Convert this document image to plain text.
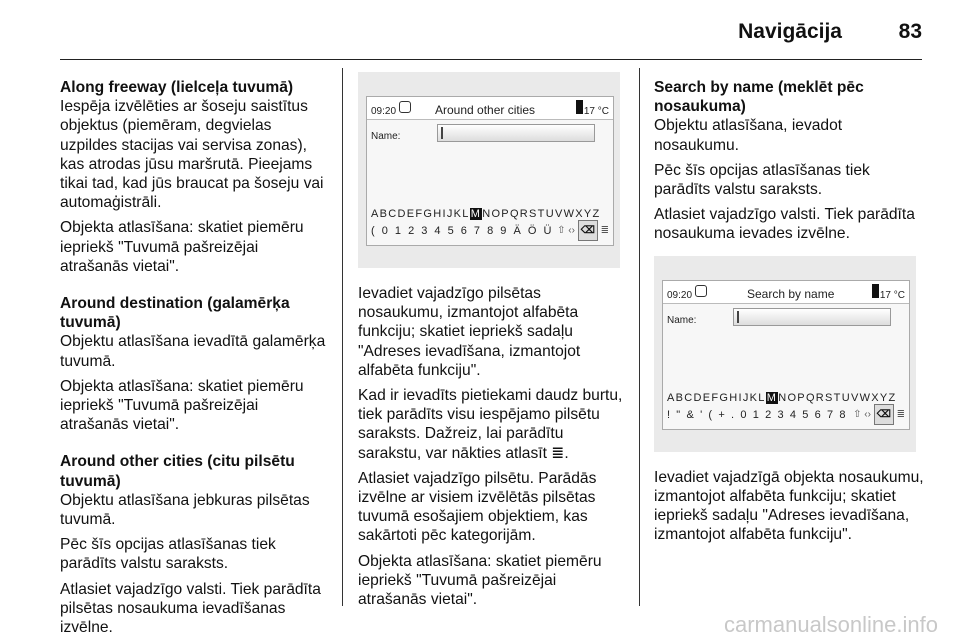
Navigācija	83

Along freeway (lielceļa tuvumā)

Iespēja izvēlēties ar šoseju saistītus objektus (piemēram, degvielas uzpildes stacijas vai servisa zonas), kas atrodas jūsu maršrutā. Pieejams tikai tad, kad jūs braucat pa šoseju vai automaģistrāli.

Objekta atlasīšana: skatiet piemēru iepriekš "Tuvumā pašreizējai atrašanās vietai".

Around destination (galamērķa tuvumā)

Objektu atlasīšana ievadītā galamērķa tuvumā.

Objekta atlasīšana: skatiet piemēru iepriekš "Tuvumā pašreizējai atrašanās vietai".

Around other cities (citu pilsētu tuvumā)

Objektu atlasīšana jebkuras pilsētas tuvumā.

Pēc šīs opcijas atlasīšanas tiek parādīts valstu saraksts.

Atlasiet vajadzīgo valsti. Tiek parādīta pilsētas nosaukuma ievadīšanas izvēlne.

09:20	Around other cities	17 °C
Name:
ABCDEFGHIJKLMNOPQRSTUVWXYZ
( 0 1 2 3 4 5 6 7 8 9 Ä Ö Ü ⇧ ‹› ⌫ ≣

Ievadiet vajadzīgo pilsētas nosaukumu, izmantojot alfabēta funkciju; skatiet iepriekš sadaļu "Adreses ievadīšana, izmantojot alfabēta funkciju".

Kad ir ievadīts pietiekami daudz burtu, tiek parādīts visu iespējamo pilsētu saraksts. Dažreiz, lai parādītu sarakstu, var nākties atlasīt ≣.

Atlasiet vajadzīgo pilsētu. Parādās izvēlne ar visiem izvēlētās pilsētas tuvumā esošajiem objektiem, kas sakārtoti pēc kategorijām.

Objekta atlasīšana: skatiet piemēru iepriekš "Tuvumā pašreizējai atrašanās vietai".

Search by name (meklēt pēc nosaukuma)

Objektu atlasīšana, ievadot nosaukumu.

Pēc šīs opcijas atlasīšanas tiek parādīts valstu saraksts.

Atlasiet vajadzīgo valsti. Tiek parādīta nosaukuma ievades izvēlne.

09:20	Search by name	17 °C
Name:
ABCDEFGHIJKLMNOPQRSTUVWXYZ
! " & ' ( + . 0 1 2 3 4 5 6 7 8 ⇧ ‹› ⌫ ≣

Ievadiet vajadzīgā objekta nosaukumu, izmantojot alfabēta funkciju; skatiet iepriekš sadaļu "Adreses ievadīšana, izmantojot alfabēta funkciju".

carmanualsonline.info
